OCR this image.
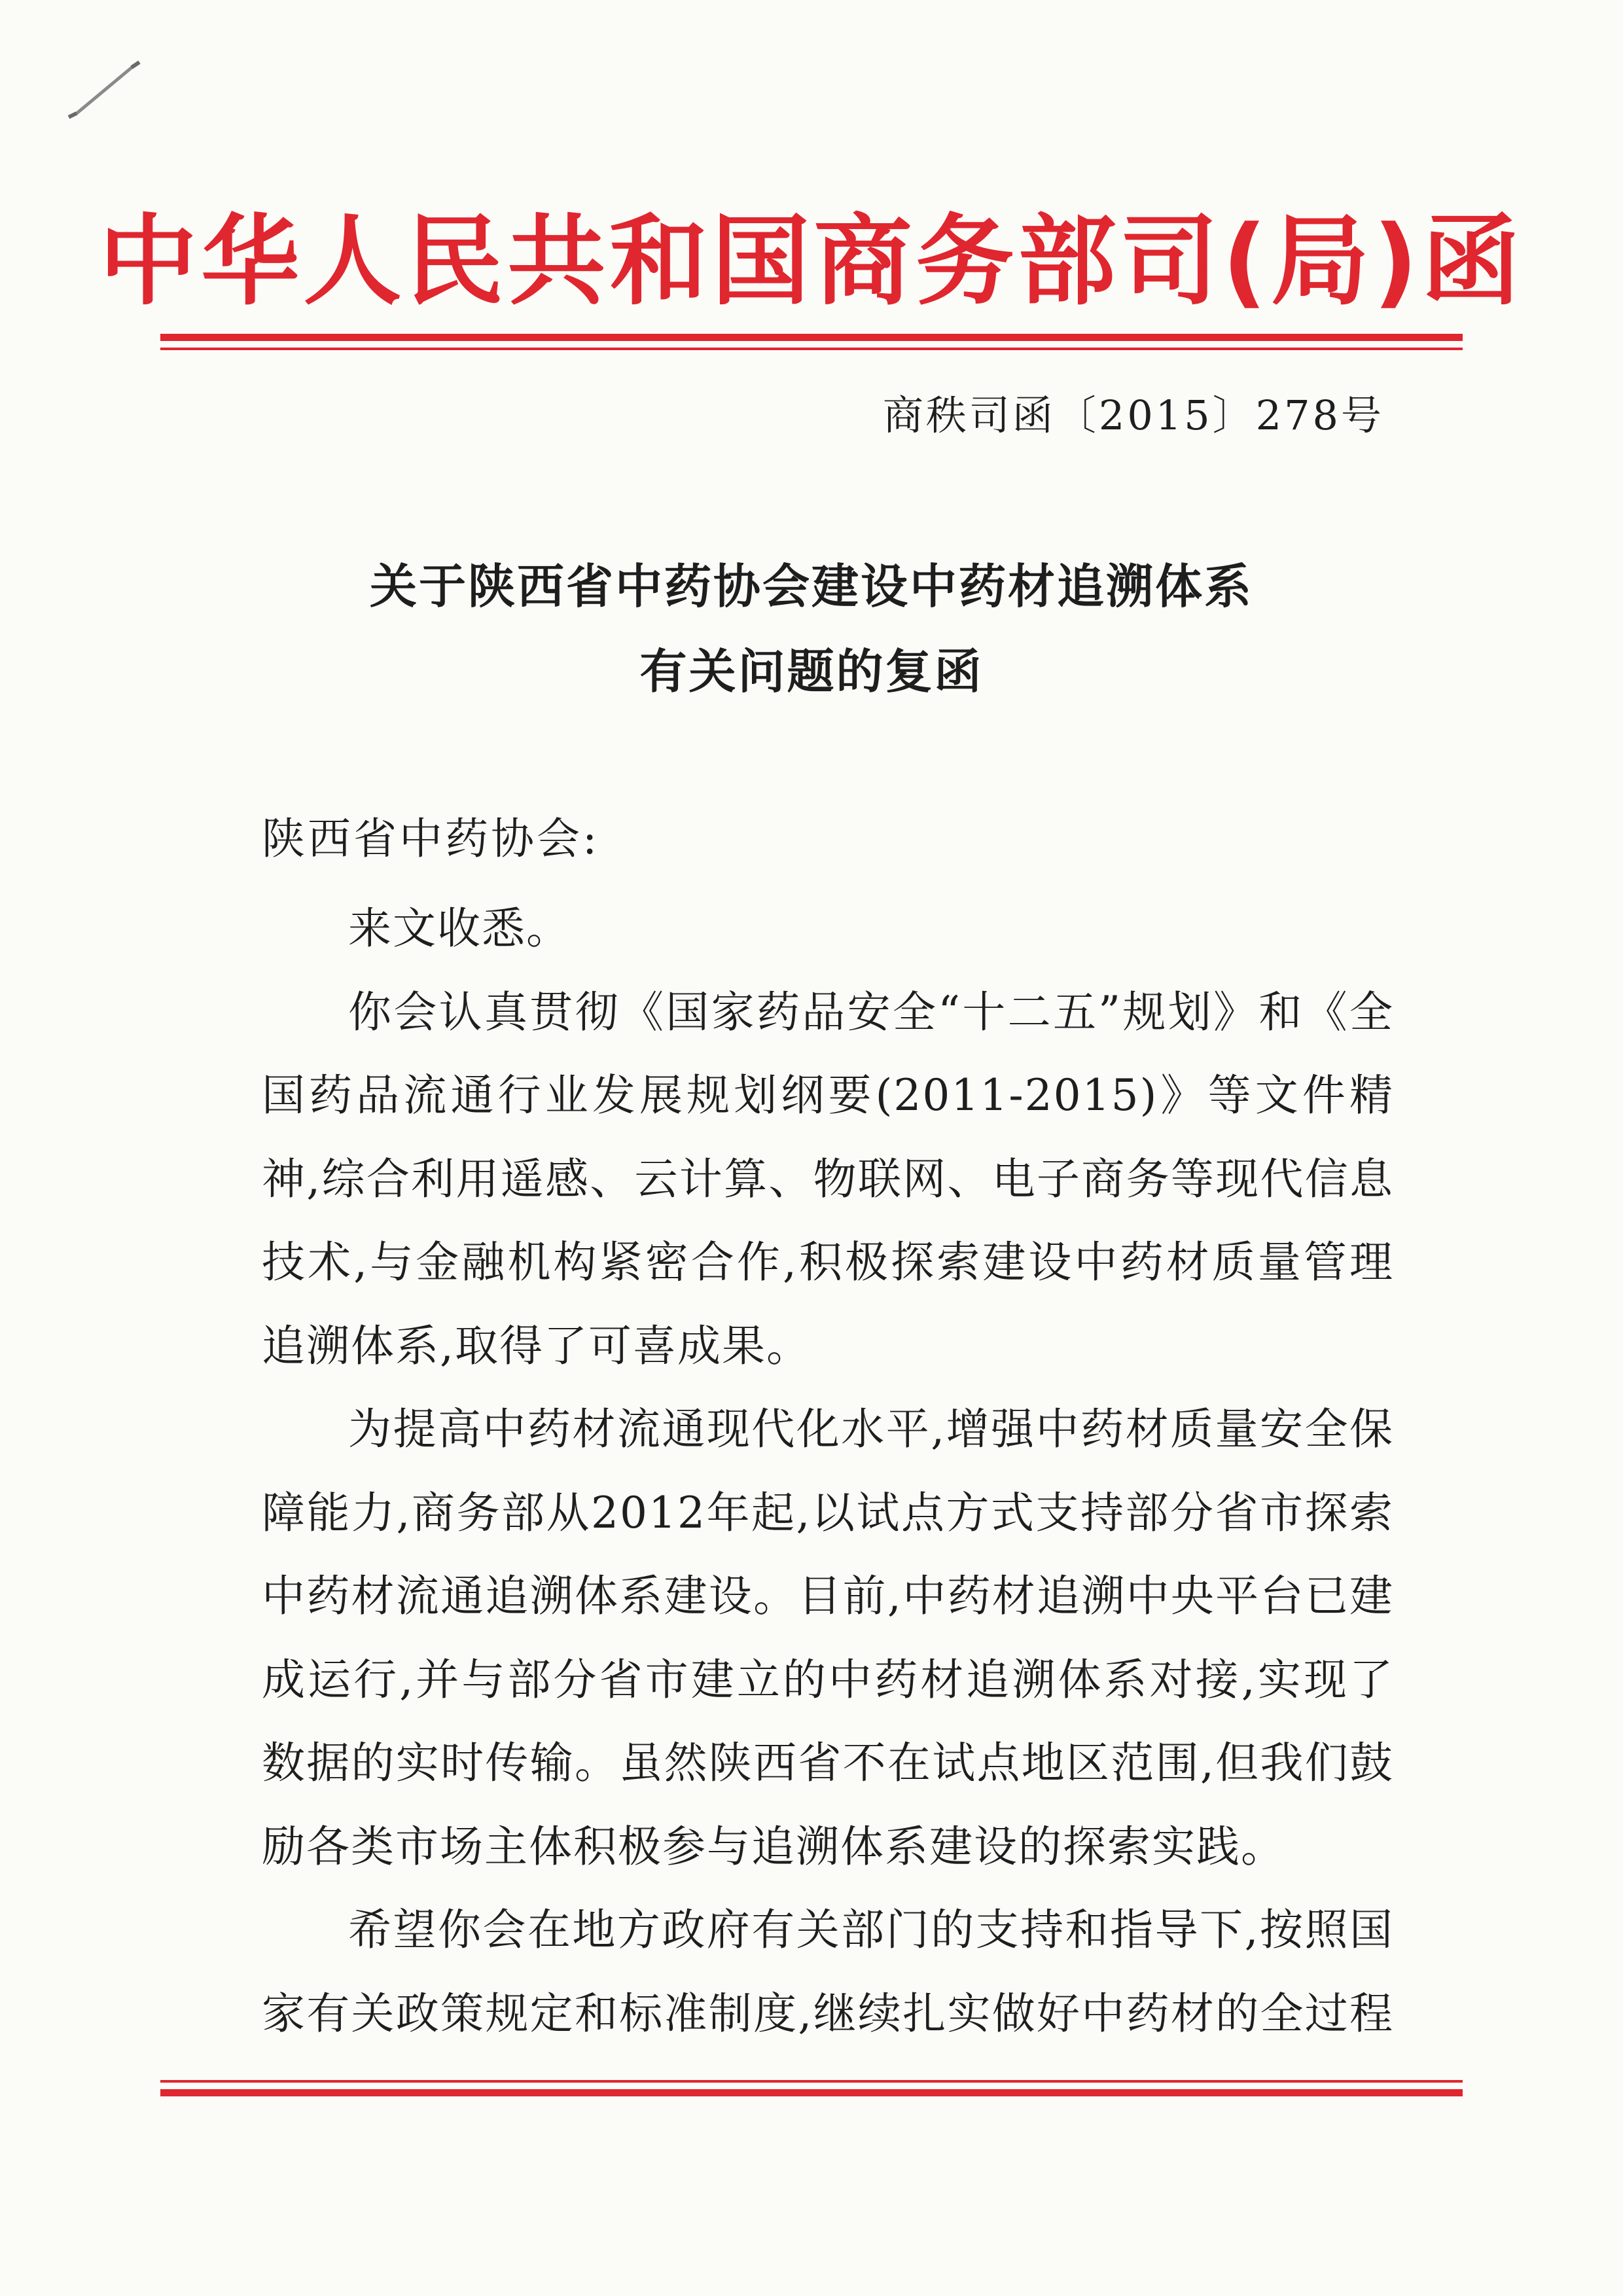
中华人民共和国商务部司(局)函
商秩司函〔2015〕278号
关于陕西省中药协会建设中药材追溯体系
有关问题的复函
陕西省中药协会:

来文收悉。

你会认真贯彻《国家药品安全“十二五”规划》和《全国药品流通行业发展规划纲要(2011-2015)》等文件精神,综合利用遥感、云计算、物联网、电子商务等现代信息技术,与金融机构紧密合作,积极探索建设中药材质量管理追溯体系,取得了可喜成果。

为提高中药材流通现代化水平,增强中药材质量安全保障能力,商务部从2012年起,以试点方式支持部分省市探索中药材流通追溯体系建设。目前,中药材追溯中央平台已建成运行,并与部分省市建立的中药材追溯体系对接,实现了数据的实时传输。虽然陕西省不在试点地区范围,但我们鼓励各类市场主体积极参与追溯体系建设的探索实践。

希望你会在地方政府有关部门的支持和指导下,按照国家有关政策规定和标准制度,继续扎实做好中药材的全过程
